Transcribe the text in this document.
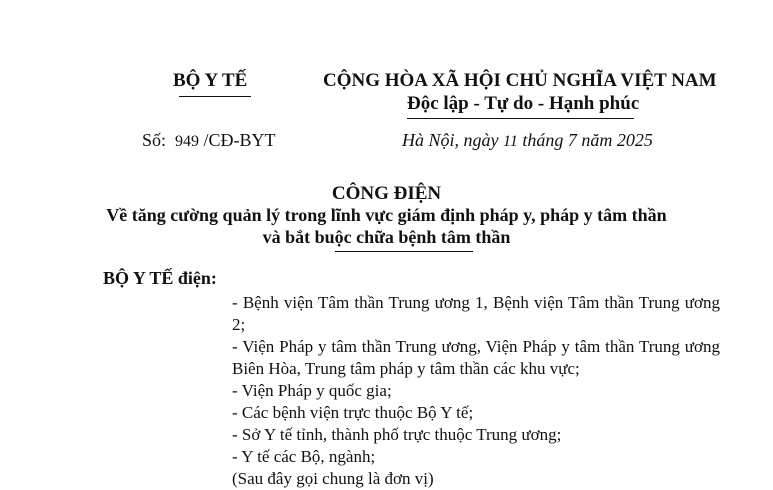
BỘ Y TẾ	CỘNG HÒA XÃ HỘI CHỦ NGHĨA VIỆT NAM
Độc lập - Tự do - Hạnh phúc
Số: 949 /CĐ-BYT	Hà Nội, ngày 11 tháng 7 năm 2025
CÔNG ĐIỆN
Về tăng cường quản lý trong lĩnh vực giám định pháp y, pháp y tâm thần
và bắt buộc chữa bệnh tâm thần
BỘ Y TẾ điện:
- Bệnh viện Tâm thần Trung ương 1, Bệnh viện Tâm thần Trung ương 2;
- Viện Pháp y tâm thần Trung ương, Viện Pháp y tâm thần Trung ương Biên Hòa, Trung tâm pháp y tâm thần các khu vực;
- Viện Pháp y quốc gia;
- Các bệnh viện trực thuộc Bộ Y tế;
- Sở Y tế tỉnh, thành phố trực thuộc Trung ương;
- Y tế các Bộ, ngành;
(Sau đây gọi chung là đơn vị)
